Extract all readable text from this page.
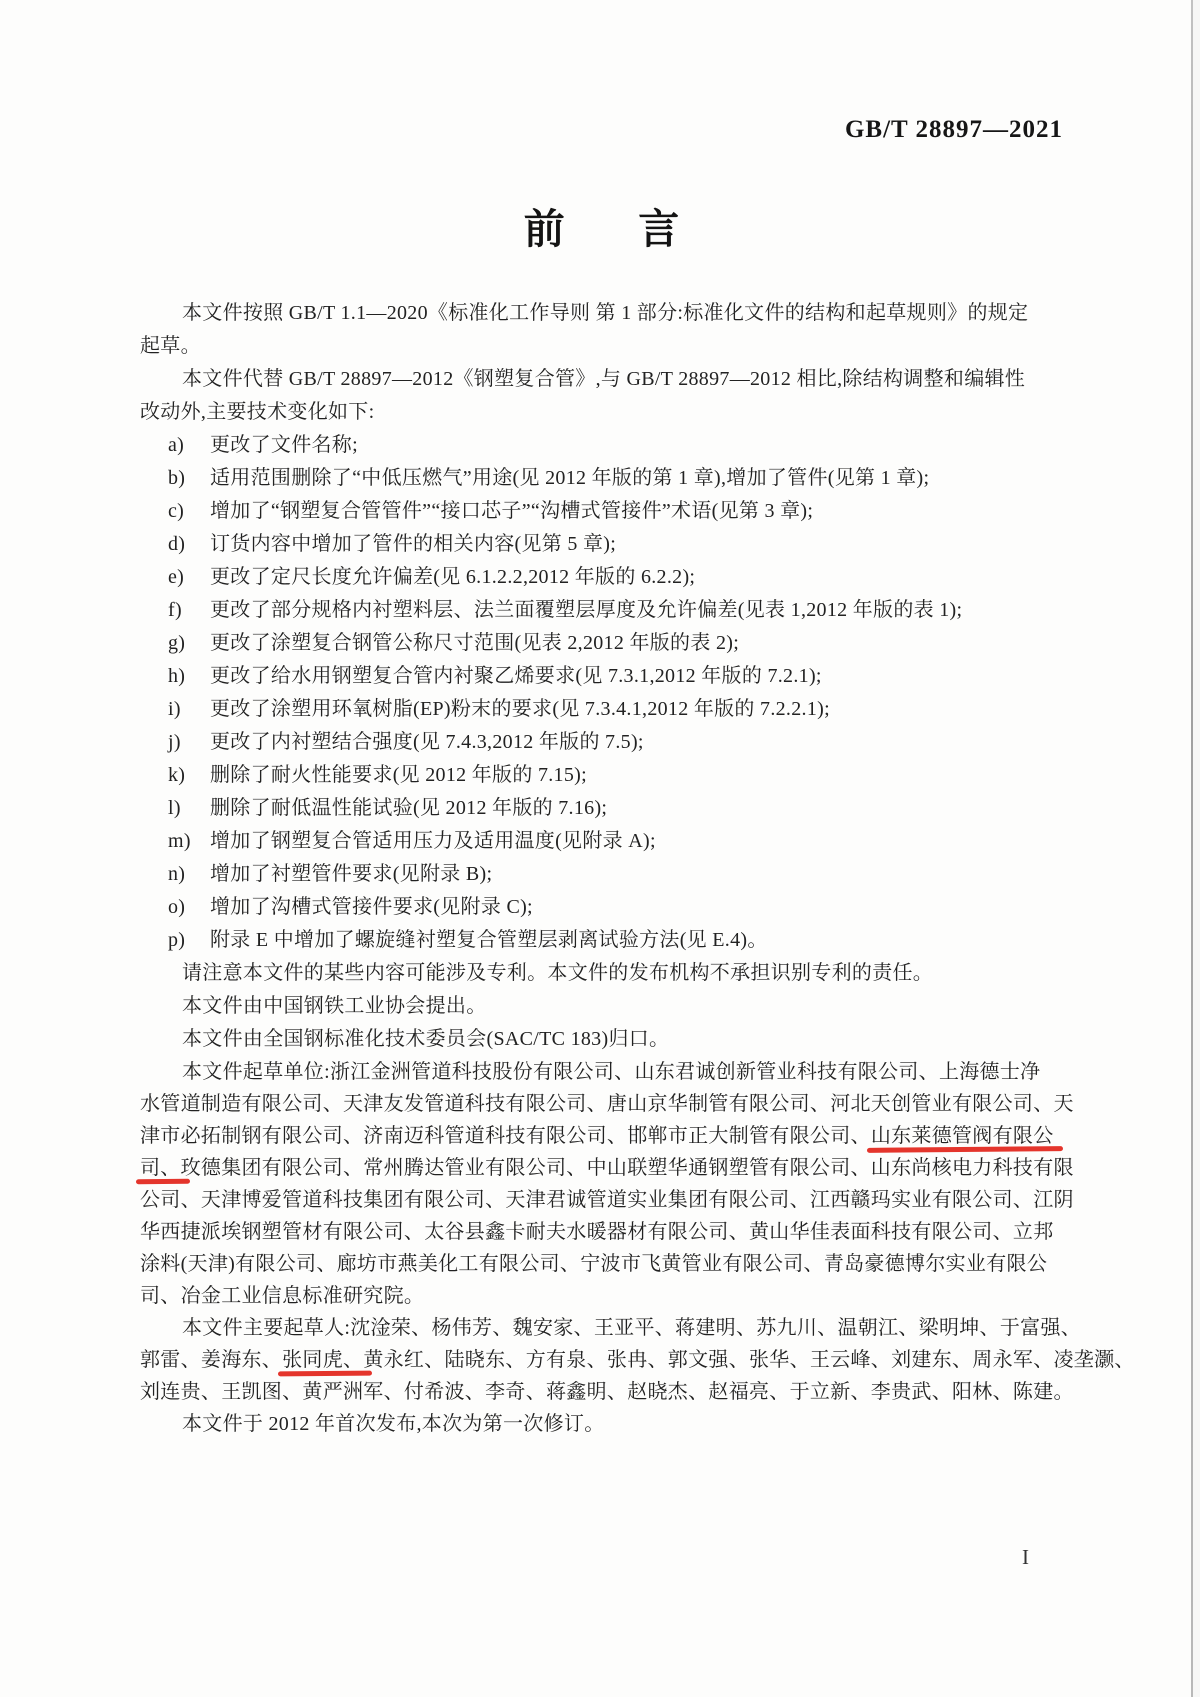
GB/T 28897—2021
前 言
本文件按照 GB/T 1.1—2020《标准化工作导则 第 1 部分:标准化文件的结构和起草规则》的规定
起草。
本文件代替 GB/T 28897—2012《钢塑复合管》,与 GB/T 28897—2012 相比,除结构调整和编辑性
改动外,主要技术变化如下:
a) 更改了文件名称;
b) 适用范围删除了“中低压燃气”用途(见 2012 年版的第 1 章),增加了管件(见第 1 章);
c) 增加了“钢塑复合管管件”“接口芯子”“沟槽式管接件”术语(见第 3 章);
d) 订货内容中增加了管件的相关内容(见第 5 章);
e) 更改了定尺长度允许偏差(见 6.1.2.2,2012 年版的 6.2.2);
f) 更改了部分规格内衬塑料层、法兰面覆塑层厚度及允许偏差(见表 1,2012 年版的表 1);
g) 更改了涂塑复合钢管公称尺寸范围(见表 2,2012 年版的表 2);
h) 更改了给水用钢塑复合管内衬聚乙烯要求(见 7.3.1,2012 年版的 7.2.1);
i) 更改了涂塑用环氧树脂(EP)粉末的要求(见 7.3.4.1,2012 年版的 7.2.2.1);
j) 更改了内衬塑结合强度(见 7.4.3,2012 年版的 7.5);
k) 删除了耐火性能要求(见 2012 年版的 7.15);
l) 删除了耐低温性能试验(见 2012 年版的 7.16);
m) 增加了钢塑复合管适用压力及适用温度(见附录 A);
n) 增加了衬塑管件要求(见附录 B);
o) 增加了沟槽式管接件要求(见附录 C);
p) 附录 E 中增加了螺旋缝衬塑复合管塑层剥离试验方法(见 E.4)。
请注意本文件的某些内容可能涉及专利。本文件的发布机构不承担识别专利的责任。
本文件由中国钢铁工业协会提出。
本文件由全国钢标准化技术委员会(SAC/TC 183)归口。
本文件起草单位:浙江金洲管道科技股份有限公司、山东君诚创新管业科技有限公司、上海德士净
水管道制造有限公司、天津友发管道科技有限公司、唐山京华制管有限公司、河北天创管业有限公司、天
津市必拓制钢有限公司、济南迈科管道科技有限公司、邯郸市正大制管有限公司、山东莱德管阀有限公
司、玫德集团有限公司、常州腾达管业有限公司、中山联塑华通钢塑管有限公司、山东尚核电力科技有限
公司、天津博爱管道科技集团有限公司、天津君诚管道实业集团有限公司、江西赣玛实业有限公司、江阴
华西捷派埃钢塑管材有限公司、太谷县鑫卡耐夫水暖器材有限公司、黄山华佳表面科技有限公司、立邦
涂料(天津)有限公司、廊坊市燕美化工有限公司、宁波市飞黄管业有限公司、青岛豪德博尔实业有限公
司、冶金工业信息标准研究院。
本文件主要起草人:沈淦荣、杨伟芳、魏安家、王亚平、蒋建明、苏九川、温朝江、梁明坤、于富强、
郭雷、姜海东、张同虎、黄永红、陆晓东、方有泉、张冉、郭文强、张华、王云峰、刘建东、周永军、凌垄灏、
刘连贵、王凯图、黄严洲军、付希波、李奇、蒋鑫明、赵晓杰、赵福亮、于立新、李贵武、阳林、陈建。
本文件于 2012 年首次发布,本次为第一次修订。
I
